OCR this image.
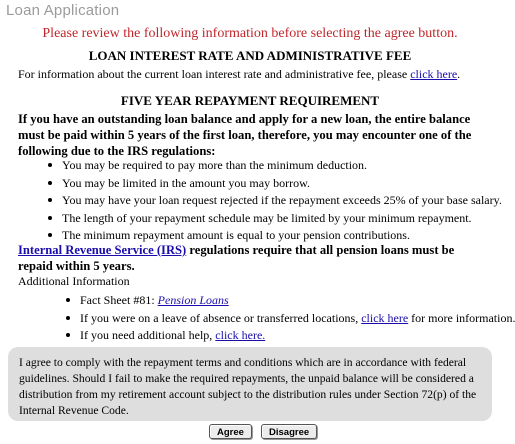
Loan Application
Please review the following information before selecting the agree button.
LOAN INTEREST RATE AND ADMINISTRATIVE FEE
For information about the current loan interest rate and administrative fee, please click here.
FIVE YEAR REPAYMENT REQUIREMENT
If you have an outstanding loan balance and apply for a new loan, the entire balance must be paid within 5 years of the first loan, therefore, you may encounter one of the following due to the IRS regulations:
You may be required to pay more than the minimum deduction.
You may be limited in the amount you may borrow.
You may have your loan request rejected if the repayment exceeds 25% of your base salary.
The length of your repayment schedule may be limited by your minimum repayment.
The minimum repayment amount is equal to your pension contributions.
Internal Revenue Service (IRS) regulations require that all pension loans must be repaid within 5 years.
Additional Information
Fact Sheet #81: Pension Loans
If you were on a leave of absence or transferred locations, click here for more information.
If you need additional help, click here.
I agree to comply with the repayment terms and conditions which are in accordance with federal guidelines. Should I fail to make the required repayments, the unpaid balance will be considered a distribution from my retirement account subject to the distribution rules under Section 72(p) of the Internal Revenue Code.
Agree	Disagree
